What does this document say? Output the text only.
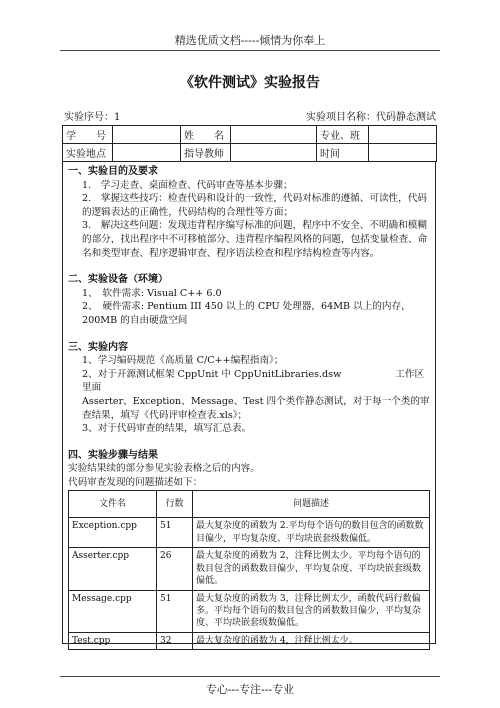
精选优质文档-----倾情为你奉上
《软件测试》实验报告
实验序号：1	实验项目名称：代码静态测试
学　　号		姓　　名		专业、班	
实验地点		指导教师		时间	
一、实验目的及要求

1.　学习走查、桌面检查、代码审查等基本步骤；

2.　掌握这些技巧：检查代码和设计的一致性，代码对标准的遵循、可读性，代码的逻辑表达的正确性，代码结构的合理性等方面；

3.　解决这些问题：发现违背程序编写标准的问题，程序中不安全、不明确和模糊的部分，找出程序中不可移植部分、违背程序编程风格的问题，包括变量检查、命名和类型审查、程序逻辑审查、程序语法检查和程序结构检查等内容。

二、实验设备（环境）

1、　软件需求: Visual C++ 6.0

2、　硬件需求: Pentium III 450 以上的 CPU 处理器，64MB 以上的内存，200MB 的自由硬盘空间

三、实验内容

1、学习编码规范《高质量 C/C++编程指南》；

2、对于开源测试框架 CppUnit 中 CppUnitLibraries.dsw	工作区里面

Asserter、Exception、Message、Test 四个类作静态测试，对于每一个类的审查结果，填写《代码评审检查表.xls》；

3、对于代码审查的结果，填写汇总表。

四、实验步骤与结果

实验结果续的部分参见实验表格之后的内容。

代码审查发现的问题描述如下：

文件名	行数	问题描述
Exception.cpp	51	最大复杂度的函数为 2.平均每个语句的数目包含的函数数目偏少，平均复杂度、平均块嵌套级数偏低。
Asserter.cpp	26	最大复杂度的函数为 2，注释比例太少。平均每个语句的数目包含的函数数目偏少，平均复杂度、平均块嵌套级数偏低。
Message.cpp	51	最大复杂度的函数为 3，注释比例太少，函数代码行数偏多。平均每个语句的数目包含的函数数目偏少，平均复杂度、平均块嵌套级数偏低。
Test.cpp	32	最大复杂度的函数为 4，注释比例太少。
专心---专注---专业
